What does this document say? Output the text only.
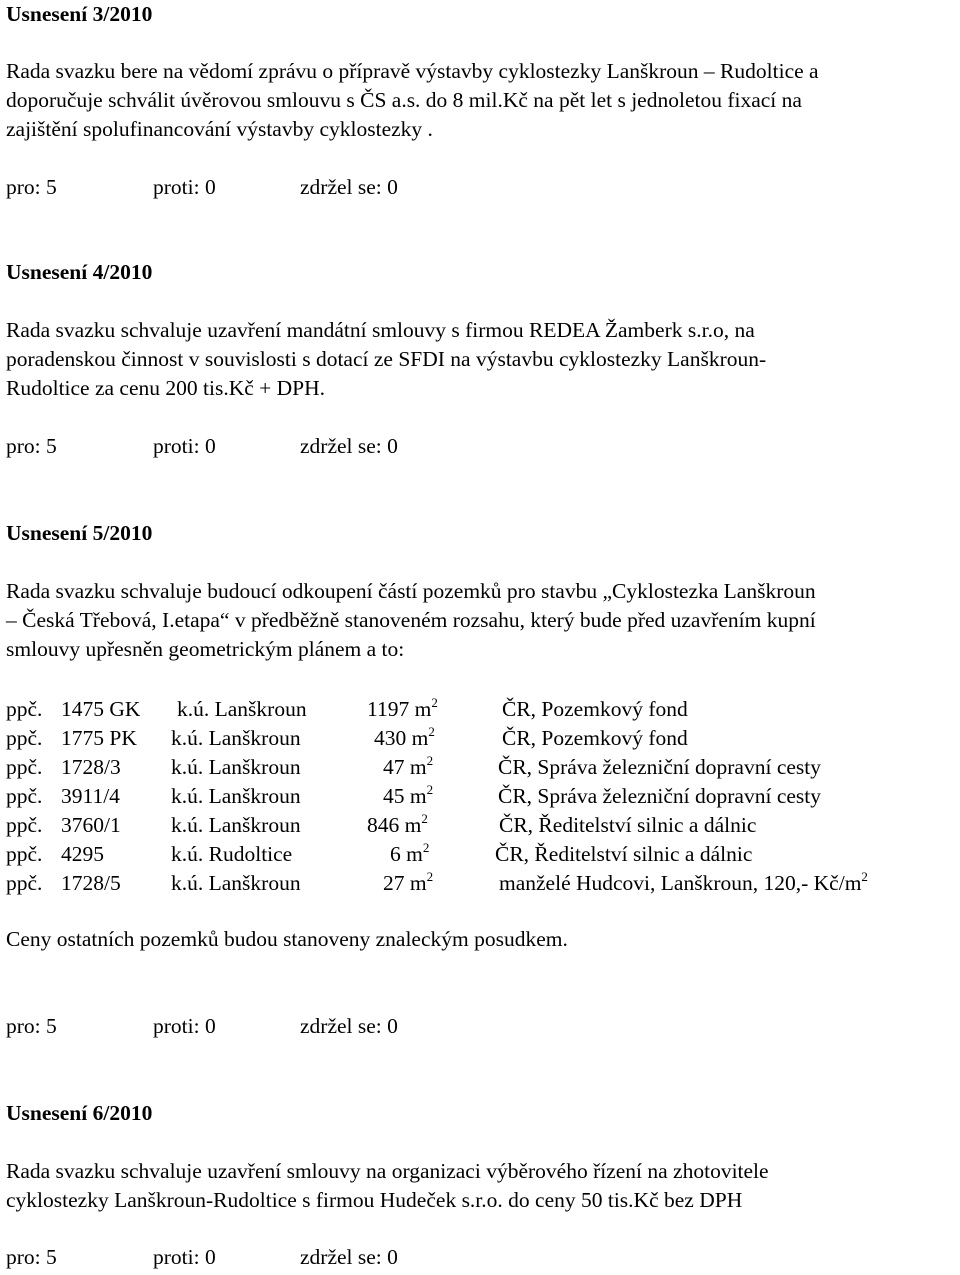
Usnesení 3/2010
Rada svazku bere na vědomí zprávu o přípravě výstavby cyklostezky Lanškroun – Rudoltice a
doporučuje schválit úvěrovou smlouvu s ČS a.s. do 8 mil.Kč na pět let s jednoletou fixací na
zajištění spolufinancování výstavby cyklostezky .
pro: 5	proti: 0	zdržel se: 0
Usnesení 4/2010
Rada svazku schvaluje uzavření mandátní smlouvy s firmou REDEA Žamberk s.r.o, na
poradenskou činnost v souvislosti s dotací ze SFDI na výstavbu cyklostezky Lanškroun-
Rudoltice za cenu 200 tis.Kč + DPH.
pro: 5	proti: 0	zdržel se: 0
Usnesení 5/2010
Rada svazku schvaluje budoucí odkoupení částí pozemků pro stavbu „Cyklostezka Lanškroun
– Česká Třebová, I.etapa“ v předběžně stanoveném rozsahu, který bude před uzavřením kupní
smlouvy upřesněn geometrickým plánem a to:
ppč. 1475 GK k.ú. Lanškroun	1197 $m^2$	ČR, Pozemkový fond
ppč. 1775 PK k.ú. Lanškroun	430 $m^2$	ČR, Pozemkový fond
ppč. 1728/3 k.ú. Lanškroun	47 $m^2$	ČR, Správa železniční dopravní cesty
ppč. 3911/4 k.ú. Lanškroun	45 $m^2$	ČR, Správa železniční dopravní cesty
ppč. 3760/1 k.ú. Lanškroun	846 $m^2$	ČR, Ředitelství silnic a dálnic
ppč. 4295	k.ú. Rudoltice	6 $m^2$	ČR, Ředitelství silnic a dálnic
ppč. 1728/5 k.ú. Lanškroun	27 $m^2$	manželé Hudcovi, Lanškroun, 120,- $Kč/m^2$
Ceny ostatních pozemků budou stanoveny znaleckým posudkem.
pro: 5	proti: 0	zdržel se: 0
Usnesení 6/2010
Rada svazku schvaluje uzavření smlouvy na organizaci výběrového řízení na zhotovitele
cyklostezky Lanškroun-Rudoltice s firmou Hudeček s.r.o. do ceny 50 tis.Kč bez DPH
pro: 5	proti: 0	zdržel se: 0
